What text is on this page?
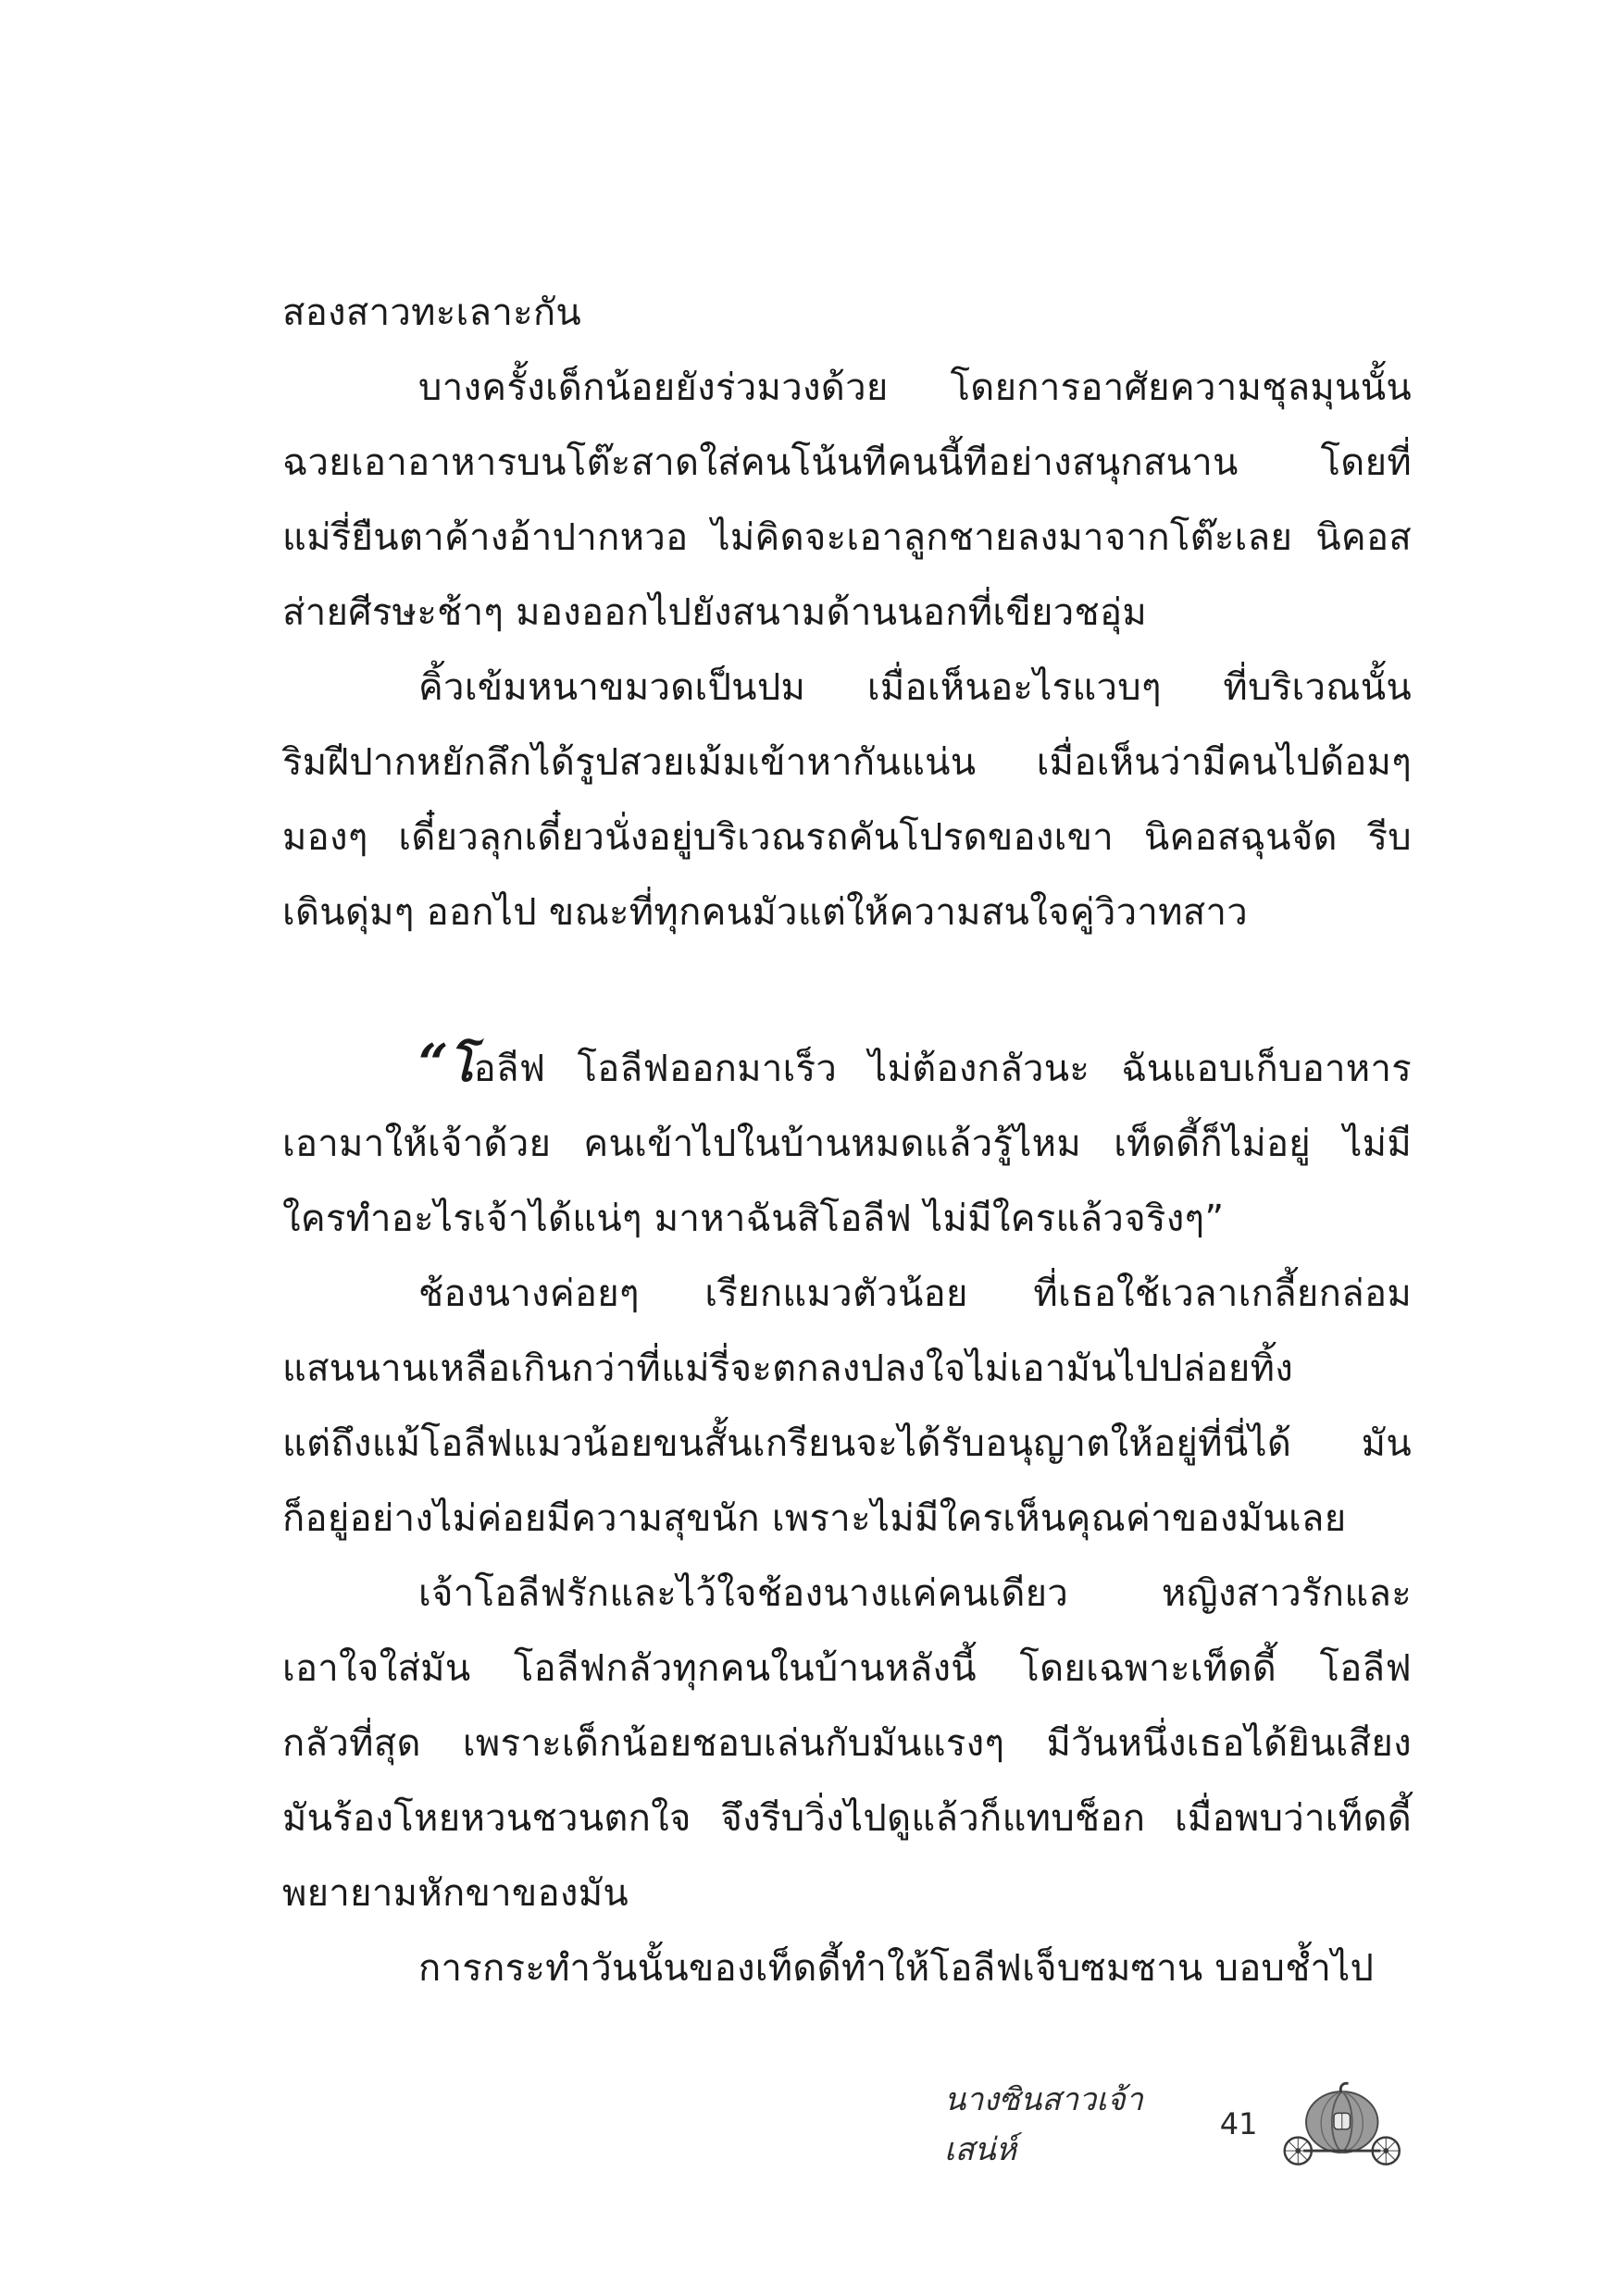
สองสาวทะเลาะกัน

บางครั้งเด็กน้อยยังร่วมวงด้วย โดยการอาศัยความชุลมุนนั้น

ฉวยเอาอาหารบนโต๊ะสาดใส่คนโน้นทีคนนี้ทีอย่างสนุกสนาน โดยที่

แม่รี่ยืนตาค้างอ้าปากหวอ ไม่คิดจะเอาลูกชายลงมาจากโต๊ะเลย นิคอส

ส่ายศีรษะช้าๆ มองออกไปยังสนามด้านนอกที่เขียวชอุ่ม

คิ้วเข้มหนาขมวดเป็นปม เมื่อเห็นอะไรแวบๆ ที่บริเวณนั้น

ริมฝีปากหยักลึกได้รูปสวยเม้มเข้าหากันแน่น เมื่อเห็นว่ามีคนไปด้อมๆ

มองๆ เดี๋ยวลุกเดี๋ยวนั่งอยู่บริเวณรถคันโปรดของเขา นิคอสฉุนจัด รีบ

เดินดุ่มๆ ออกไป ขณะที่ทุกคนมัวแต่ให้ความสนใจคู่วิวาทสาว

“โอลีฟ โอลีฟออกมาเร็ว ไม่ต้องกลัวนะ ฉันแอบเก็บอาหาร

เอามาให้เจ้าด้วย คนเข้าไปในบ้านหมดแล้วรู้ไหม เท็ดดี้ก็ไม่อยู่ ไม่มี

ใครทำอะไรเจ้าได้แน่ๆ มาหาฉันสิโอลีฟ ไม่มีใครแล้วจริงๆ”

ช้องนางค่อยๆ เรียกแมวตัวน้อย ที่เธอใช้เวลาเกลี้ยกล่อม

แสนนานเหลือเกินกว่าที่แม่รี่จะตกลงปลงใจไม่เอามันไปปล่อยทิ้ง

แต่ถึงแม้โอลีฟแมวน้อยขนสั้นเกรียนจะได้รับอนุญาตให้อยู่ที่นี่ได้ มัน

ก็อยู่อย่างไม่ค่อยมีความสุขนัก เพราะไม่มีใครเห็นคุณค่าของมันเลย

เจ้าโอลีฟรักและไว้ใจช้องนางแค่คนเดียว หญิงสาวรักและ

เอาใจใส่มัน โอลีฟกลัวทุกคนในบ้านหลังนี้ โดยเฉพาะเท็ดดี้ โอลีฟ

กลัวที่สุด เพราะเด็กน้อยชอบเล่นกับมันแรงๆ มีวันหนึ่งเธอได้ยินเสียง

มันร้องโหยหวนชวนตกใจ จึงรีบวิ่งไปดูแล้วก็แทบช็อก เมื่อพบว่าเท็ดดี้

พยายามหักขาของมัน

การกระทำวันนั้นของเท็ดดี้ทำให้โอลีฟเจ็บซมซาน บอบช้ำไป

นางซินสาวเจ้าเสน่ห์
41
